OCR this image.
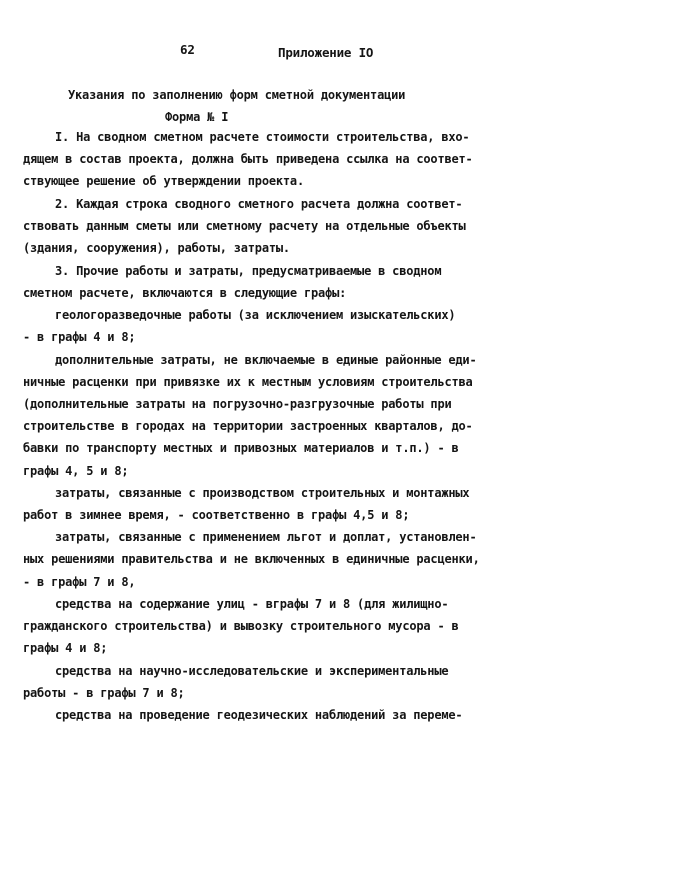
62	Приложение IO
Указания по заполнению форм сметной документации
Форма № I
I. На сводном сметном расчете стоимости строительства, вхо-
дящем в состав проекта, должна быть приведена ссылка на соответ-
ствующее решение об утверждении проекта.
2. Каждая строка сводного сметного расчета должна соответ-
ствовать данным сметы или сметному расчету на отдельные объекты
(здания, сооружения), работы, затраты.
3. Прочие работы и затраты, предусматриваемые в сводном
сметном расчете, включаются в следующие графы:
геологоразведочные работы (за исключением изыскательских)
- в графы 4 и 8;
дополнительные затраты, не включаемые в единые районные еди-
ничные расценки при привязке их к местным условиям строительства
(дополнительные затраты на погрузочно-разгрузочные работы при
строительстве в городах на территории застроенных кварталов, до-
бавки по транспорту местных и привозных материалов и т.п.) - в
графы 4, 5 и 8;
затраты, связанные с производством строительных и монтажных
работ в зимнее время, - соответственно в графы 4,5 и 8;
затраты, связанные с применением льгот и доплат, установлен-
ных решениями правительства и не включенных в единичные расценки,
- в графы 7 и 8,
средства на содержание улиц - вграфы 7 и 8 (для жилищно-
гражданского строительства) и вывозку строительного мусора - в
графы 4 и 8;
средства на научно-исследовательские и экспериментальные
работы - в графы 7 и 8;
средства на проведение геодезических наблюдений за переме-
